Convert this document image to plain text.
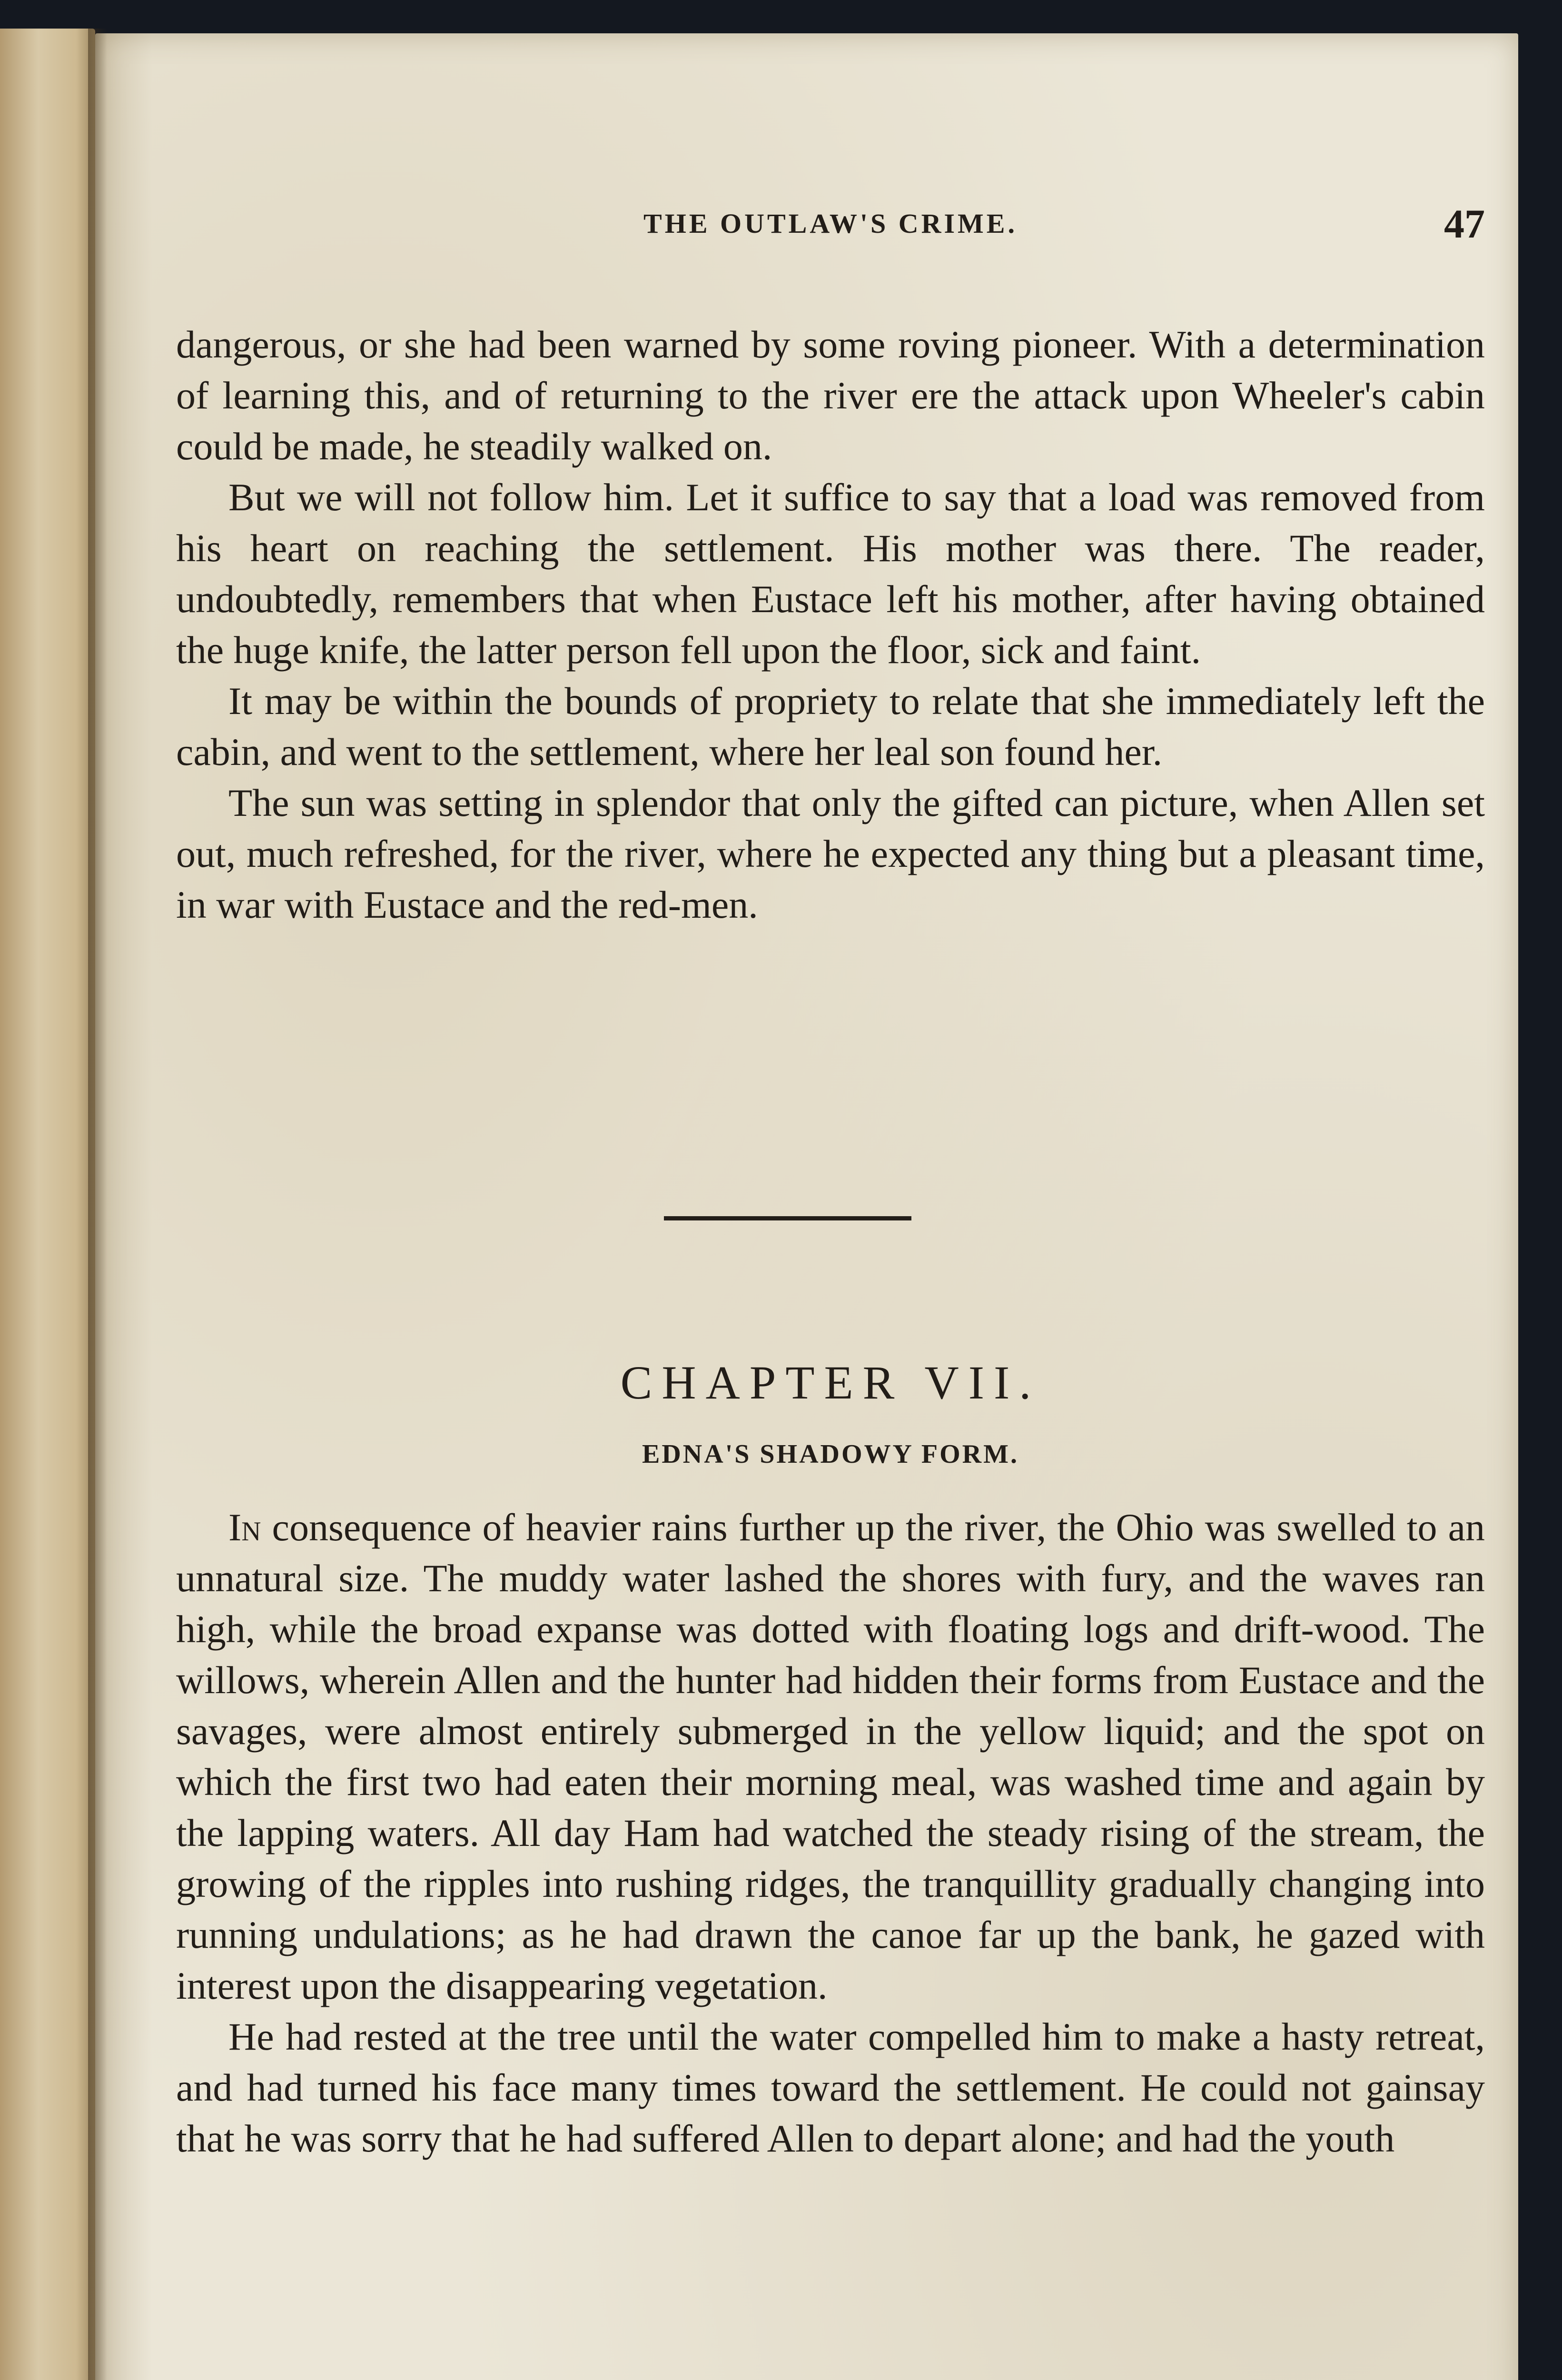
THE OUTLAW'S CRIME.	47

dangerous, or she had been warned by some roving pioneer. With a determination of learning this, and of returning to the river ere the attack upon Wheeler's cabin could be made, he steadily walked on.

But we will not follow him. Let it suffice to say that a load was removed from his heart on reaching the settlement. His mother was there. The reader, undoubtedly, remembers that when Eustace left his mother, after having obtained the huge knife, the latter person fell upon the floor, sick and faint.

It may be within the bounds of propriety to relate that she immediately left the cabin, and went to the settlement, where her leal son found her.

The sun was setting in splendor that only the gifted can picture, when Allen set out, much refreshed, for the river, where he expected any thing but a pleasant time, in war with Eustace and the red-men.

CHAPTER VII.
EDNA'S SHADOWY FORM.

In consequence of heavier rains further up the river, the Ohio was swelled to an unnatural size. The muddy water lashed the shores with fury, and the waves ran high, while the broad expanse was dotted with floating logs and drift-wood. The willows, wherein Allen and the hunter had hidden their forms from Eustace and the savages, were almost entirely submerged in the yellow liquid; and the spot on which the first two had eaten their morning meal, was washed time and again by the lapping waters. All day Ham had watched the steady rising of the stream, the growing of the ripples into rushing ridges, the tranquillity gradually changing into running undulations; as he had drawn the canoe far up the bank, he gazed with interest upon the disappearing vegetation.

He had rested at the tree until the water compelled him to make a hasty retreat, and had turned his face many times toward the settlement. He could not gainsay that he was sorry that he had suffered Allen to depart alone; and had the youth
